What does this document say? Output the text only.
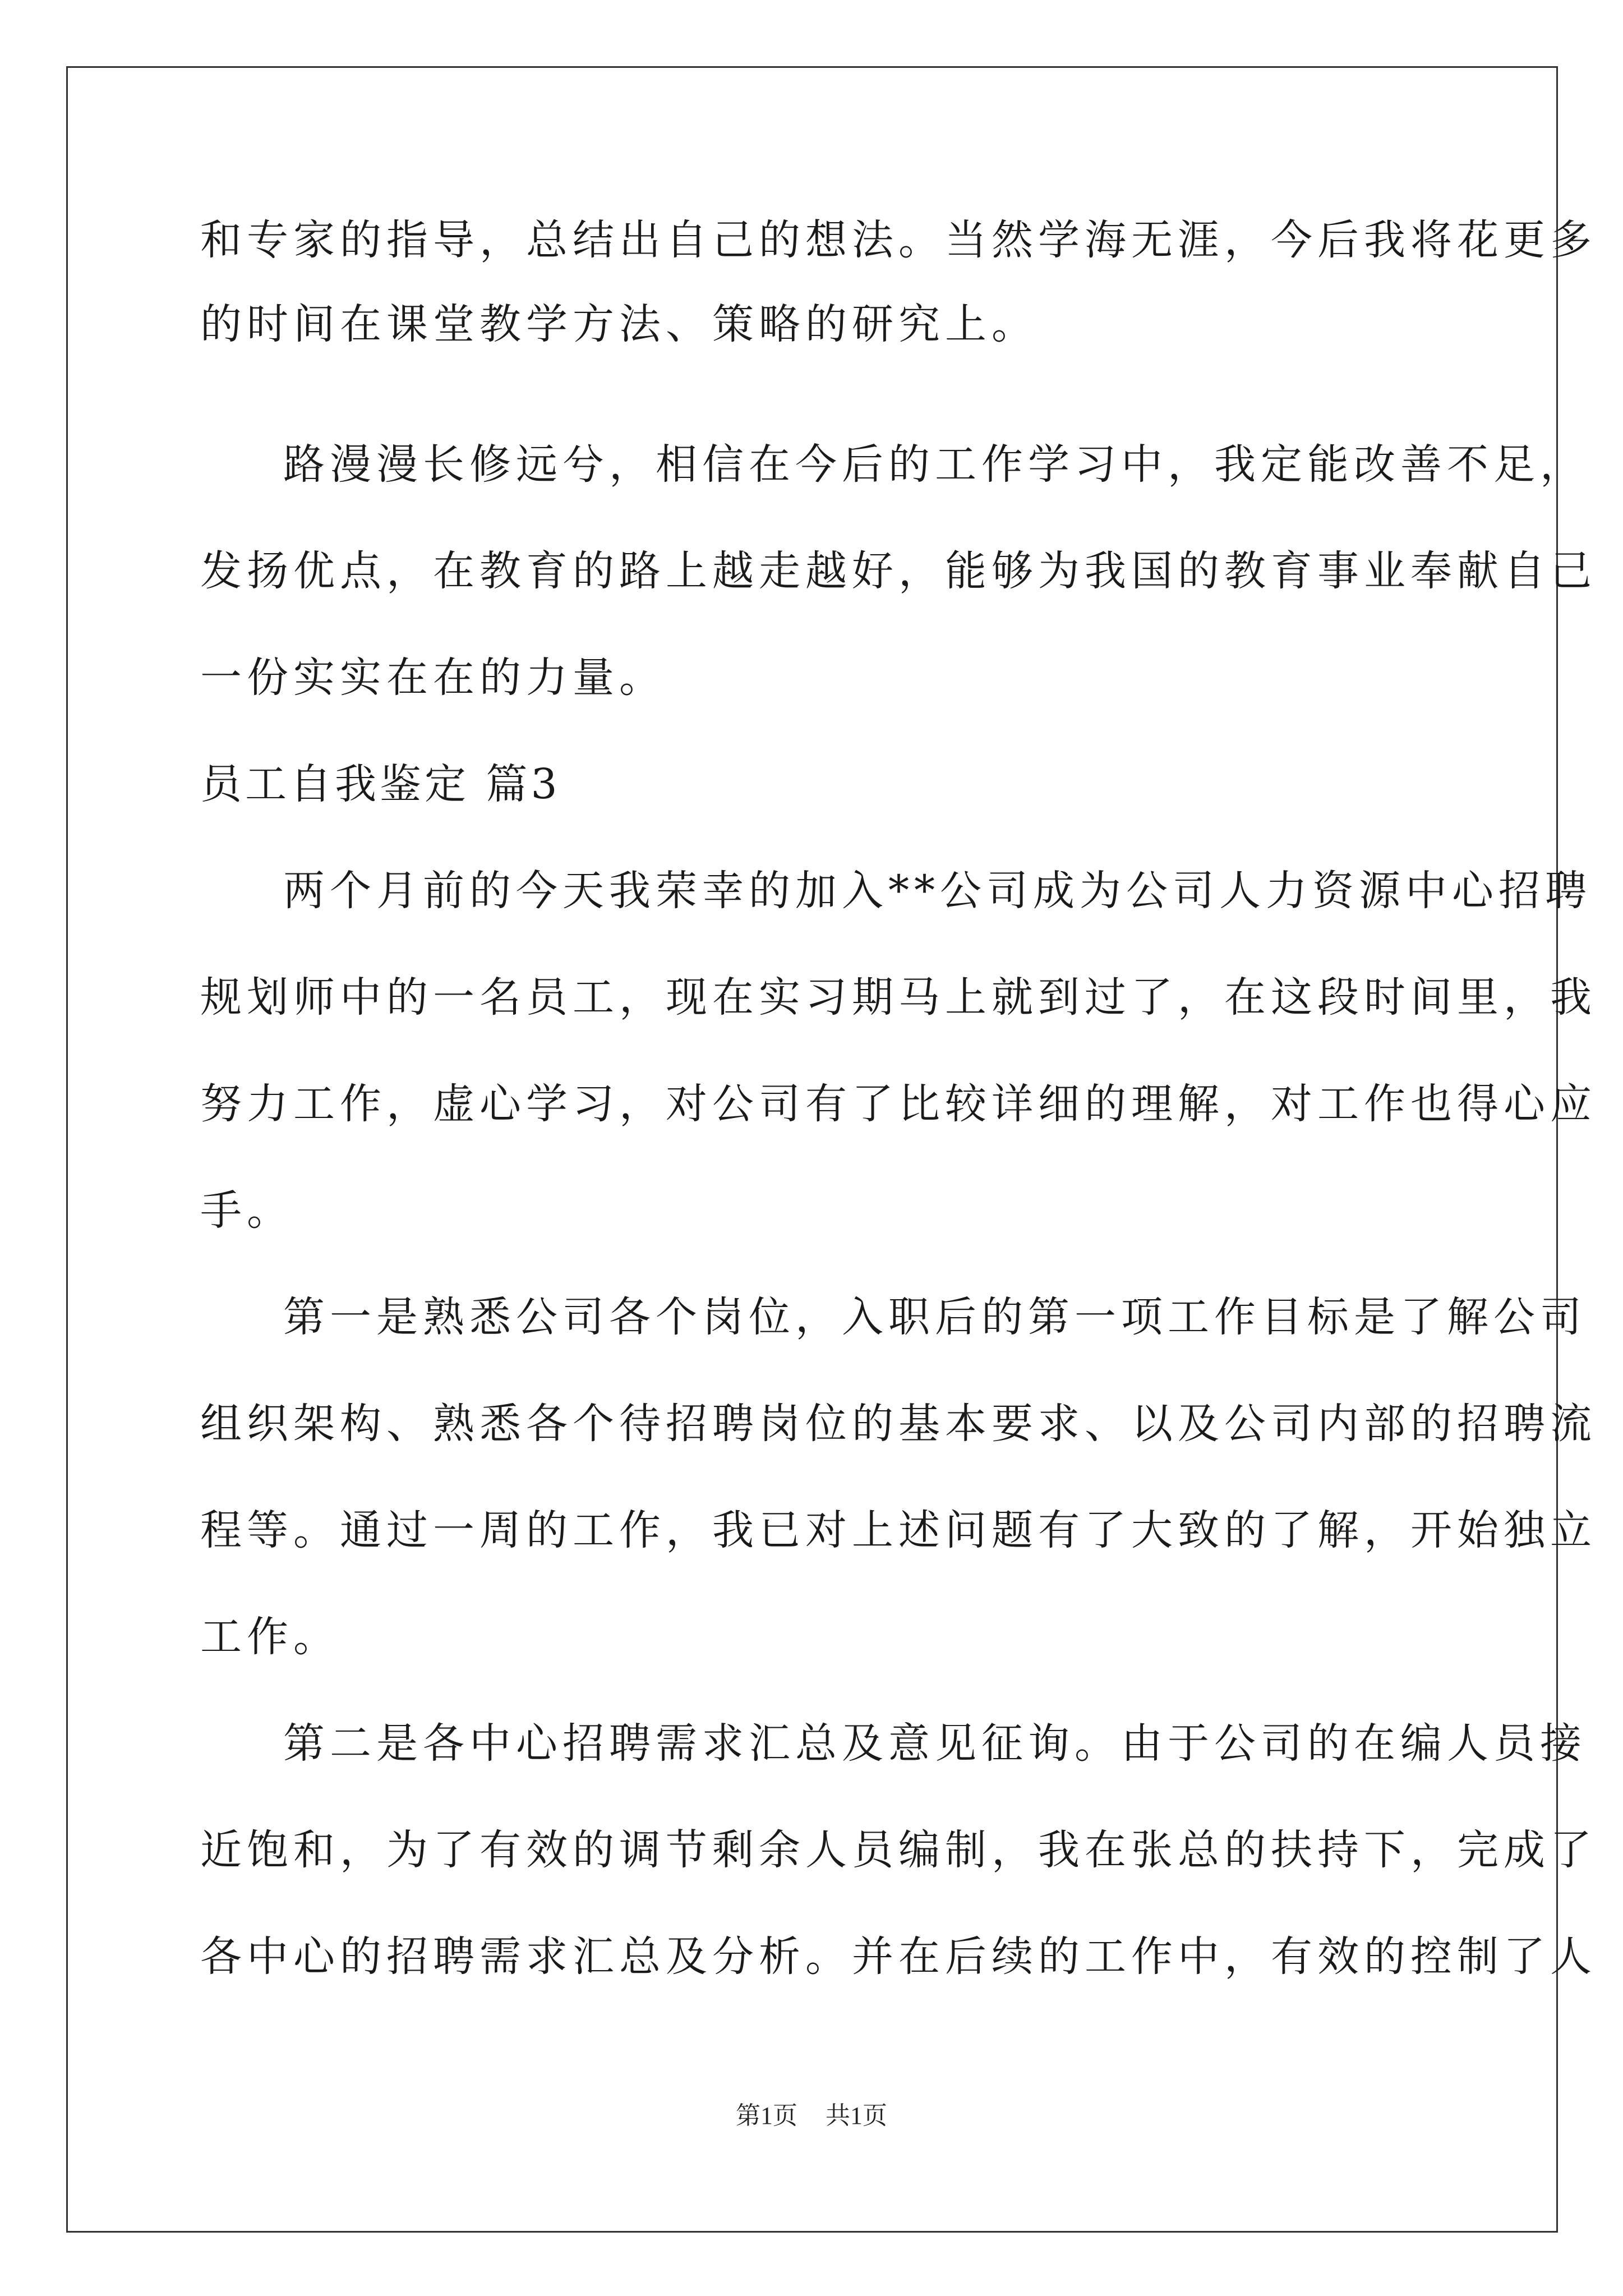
和专家的指导，总结出自己的想法。当然学海无涯，今后我将花更多
的时间在课堂教学方法、策略的研究上。
路漫漫长修远兮，相信在今后的工作学习中，我定能改善不足，
发扬优点，在教育的路上越走越好，能够为我国的教育事业奉献自己
一份实实在在的力量。
员工自我鉴定 篇3
两个月前的今天我荣幸的加入**公司成为公司人力资源中心招聘
规划师中的一名员工，现在实习期马上就到过了，在这段时间里，我
努力工作，虚心学习，对公司有了比较详细的理解，对工作也得心应
手。
第一是熟悉公司各个岗位，入职后的第一项工作目标是了解公司
组织架构、熟悉各个待招聘岗位的基本要求、以及公司内部的招聘流
程等。通过一周的工作，我已对上述问题有了大致的了解，开始独立
工作。
第二是各中心招聘需求汇总及意见征询。由于公司的在编人员接
近饱和，为了有效的调节剩余人员编制，我在张总的扶持下，完成了
各中心的招聘需求汇总及分析。并在后续的工作中，有效的控制了人
第1页 共1页
